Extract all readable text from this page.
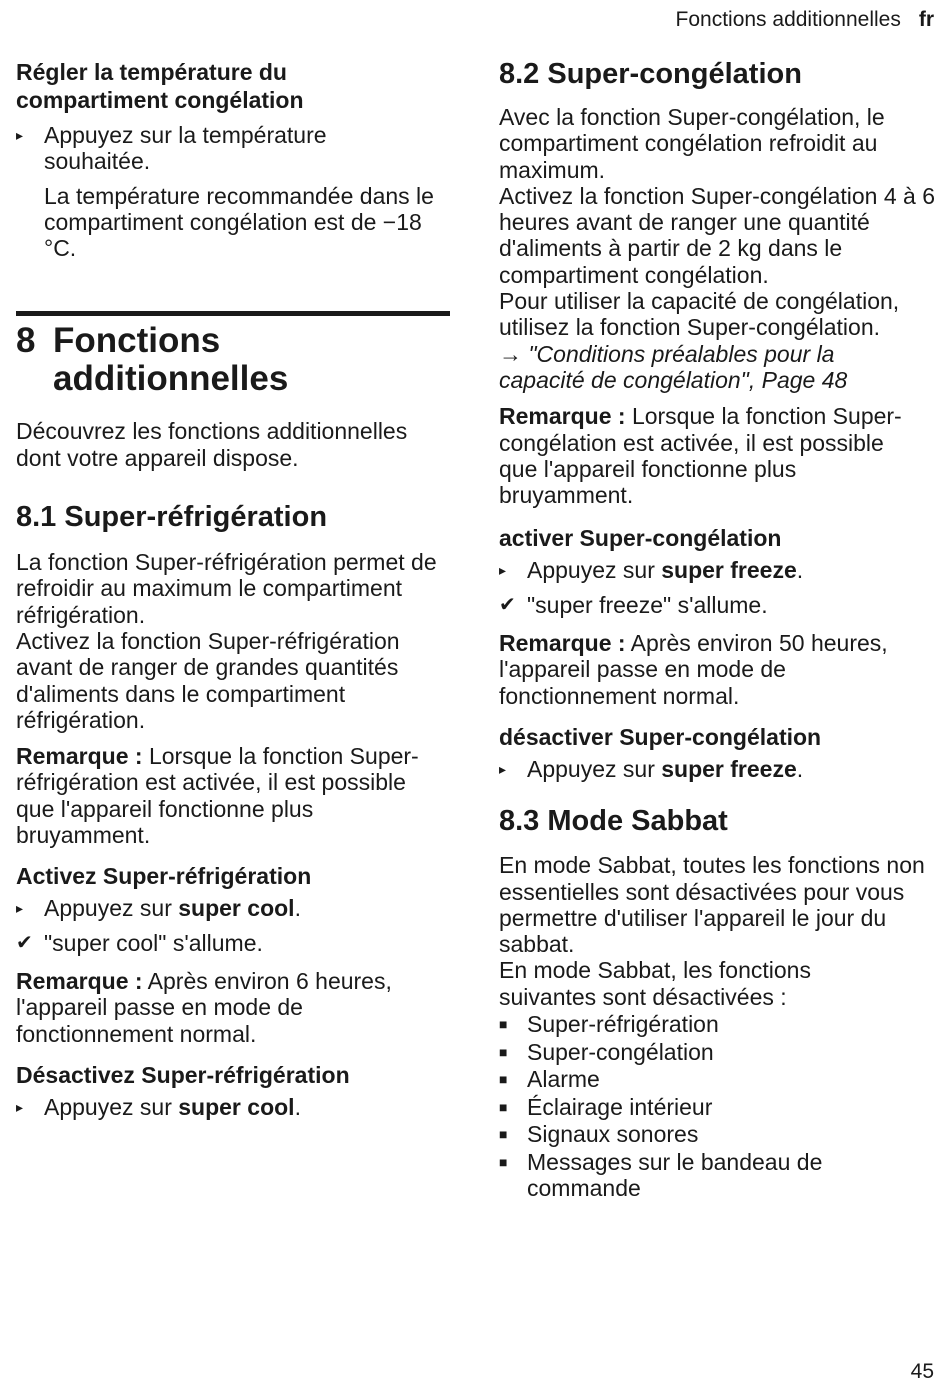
Fonctions additionnelles fr
Régler la température du compartiment congélation
▸ Appuyez sur la température souhaitée.

La température recommandée dans le compartiment congélation est de −18 °C.

8 Fonctions additionnelles

Découvrez les fonctions additionnelles dont votre appareil dispose.

8.1 Super-réfrigération

La fonction Super-réfrigération permet de refroidir au maximum le compartiment réfrigération.

Activez la fonction Super-réfrigération avant de ranger de grandes quantités d'aliments dans le compartiment réfrigération.

Remarque : Lorsque la fonction Super-réfrigération est activée, il est possible que l'appareil fonctionne plus bruyamment.

Activez Super-réfrigération
▸ Appuyez sur super cool.
✔ "super cool" s'allume.

Remarque : Après environ 6 heures, l'appareil passe en mode de fonctionnement normal.

Désactivez Super-réfrigération
▸ Appuyez sur super cool.
8.2 Super-congélation

Avec la fonction Super-congélation, le compartiment congélation refroidit au maximum.

Activez la fonction Super-congélation 4 à 6 heures avant de ranger une quantité d'aliments à partir de 2 kg dans le compartiment congélation.

Pour utiliser la capacité de congélation, utilisez la fonction Super-congélation.

→ "Conditions préalables pour la capacité de congélation", Page 48

Remarque : Lorsque la fonction Super-congélation est activée, il est possible que l'appareil fonctionne plus bruyamment.

activer Super-congélation
▸ Appuyez sur super freeze.
✔ "super freeze" s'allume.

Remarque : Après environ 50 heures, l'appareil passe en mode de fonctionnement normal.

désactiver Super-congélation
▸ Appuyez sur super freeze.
8.3 Mode Sabbat

En mode Sabbat, toutes les fonctions non essentielles sont désactivées pour vous permettre d'utiliser l'appareil le jour du sabbat.

En mode Sabbat, les fonctions suivantes sont désactivées :

■ Super-réfrigération
■ Super-congélation
■ Alarme
■ Éclairage intérieur
■ Signaux sonores
■ Messages sur le bandeau de commande
45
